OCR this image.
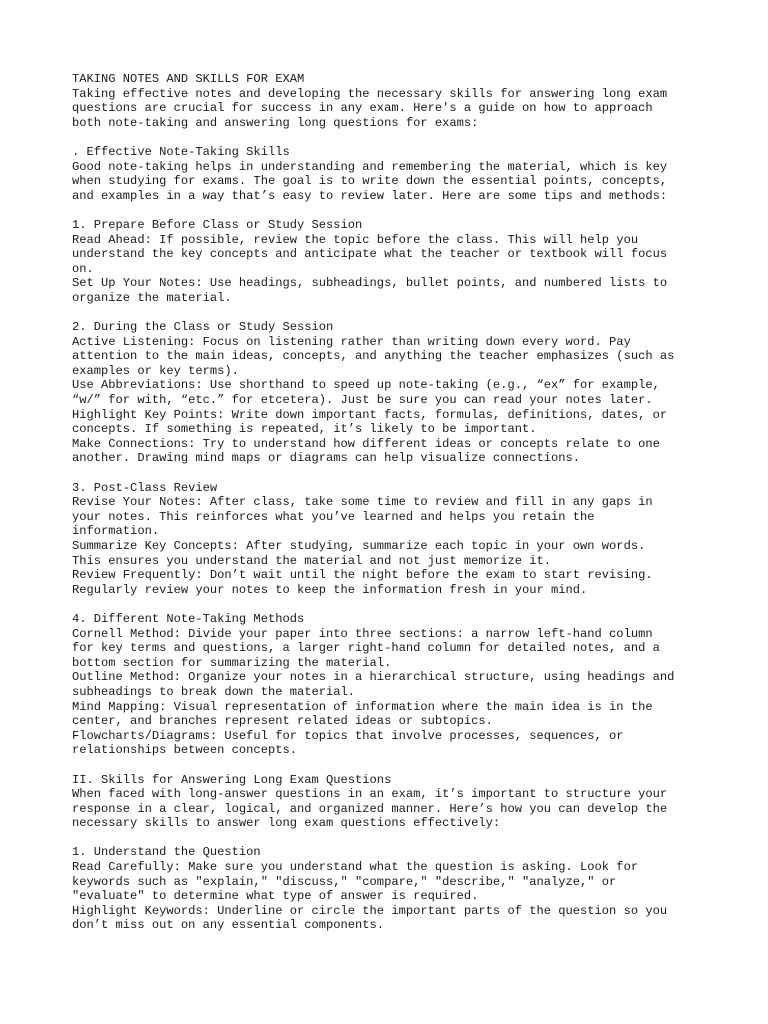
TAKING NOTES AND SKILLS FOR EXAM
Taking effective notes and developing the necessary skills for answering long exam
questions are crucial for success in any exam. Here's a guide on how to approach
both note-taking and answering long questions for exams:
. Effective Note-Taking Skills
Good note-taking helps in understanding and remembering the material, which is key
when studying for exams. The goal is to write down the essential points, concepts,
and examples in a way that’s easy to review later. Here are some tips and methods:
1. Prepare Before Class or Study Session
Read Ahead: If possible, review the topic before the class. This will help you
understand the key concepts and anticipate what the teacher or textbook will focus
on.
Set Up Your Notes: Use headings, subheadings, bullet points, and numbered lists to
organize the material.
2. During the Class or Study Session
Active Listening: Focus on listening rather than writing down every word. Pay
attention to the main ideas, concepts, and anything the teacher emphasizes (such as
examples or key terms).
Use Abbreviations: Use shorthand to speed up note-taking (e.g., “ex” for example,
“w/” for with, “etc.” for etcetera). Just be sure you can read your notes later.
Highlight Key Points: Write down important facts, formulas, definitions, dates, or
concepts. If something is repeated, it’s likely to be important.
Make Connections: Try to understand how different ideas or concepts relate to one
another. Drawing mind maps or diagrams can help visualize connections.
3. Post-Class Review
Revise Your Notes: After class, take some time to review and fill in any gaps in
your notes. This reinforces what you’ve learned and helps you retain the
information.
Summarize Key Concepts: After studying, summarize each topic in your own words.
This ensures you understand the material and not just memorize it.
Review Frequently: Don’t wait until the night before the exam to start revising.
Regularly review your notes to keep the information fresh in your mind.
4. Different Note-Taking Methods
Cornell Method: Divide your paper into three sections: a narrow left-hand column
for key terms and questions, a larger right-hand column for detailed notes, and a
bottom section for summarizing the material.
Outline Method: Organize your notes in a hierarchical structure, using headings and
subheadings to break down the material.
Mind Mapping: Visual representation of information where the main idea is in the
center, and branches represent related ideas or subtopics.
Flowcharts/Diagrams: Useful for topics that involve processes, sequences, or
relationships between concepts.
II. Skills for Answering Long Exam Questions
When faced with long-answer questions in an exam, it’s important to structure your
response in a clear, logical, and organized manner. Here’s how you can develop the
necessary skills to answer long exam questions effectively:
1. Understand the Question
Read Carefully: Make sure you understand what the question is asking. Look for
keywords such as "explain," "discuss," "compare," "describe," "analyze," or
"evaluate" to determine what type of answer is required.
Highlight Keywords: Underline or circle the important parts of the question so you
don’t miss out on any essential components.
